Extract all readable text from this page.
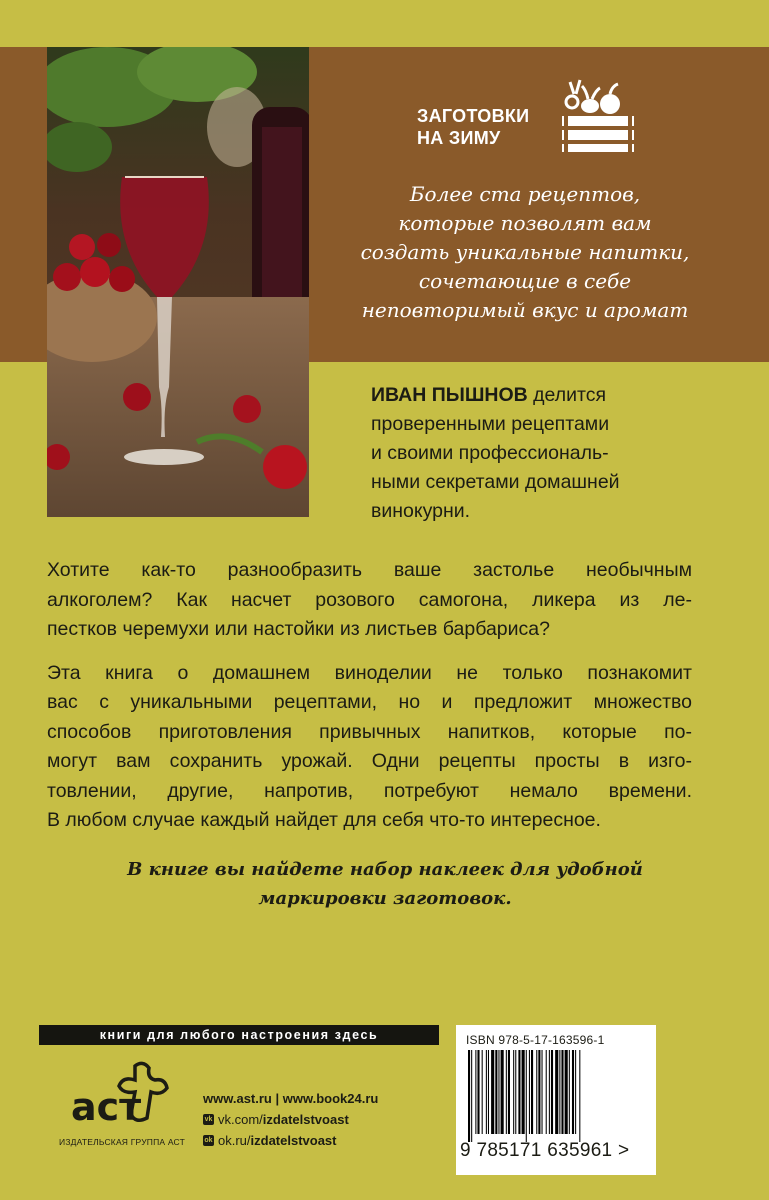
ЗАГОТОВКИ
НА ЗИМУ
Более ста рецептов,
которые позволят вам
создать уникальные напитки,
сочетающие в себе
неповторимый вкус и аромат
ИВАН ПЫШНОВ делится
проверенными рецептами
и своими профессиональ-
ными секретами домашней
винокурни.
Хотите как-то разнообразить ваше застолье необычным
алкоголем? Как насчет розового самогона, ликера из ле-
пестков черемухи или настойки из листьев барбариса?
Эта книга о домашнем виноделии не только познакомит
вас с уникальными рецептами, но и предложит множество
способов приготовления привычных напитков, которые по-
могут вам сохранить урожай. Одни рецепты просты в изго-
товлении, другие, напротив, потребуют немало времени.
В любом случае каждый найдет для себя что-то интересное.
В книге вы найдете набор наклеек для удобной
маркировки заготовок.
книги для любого настроения здесь
аст
ИЗДАТЕЛЬСКАЯ ГРУППА АСТ
www.ast.ru | www.book24.ru
vk vk.com/ izdatelstvoast
ok ok.ru/ izdatelstvoast
ISBN 978-5-17-163596-1
9 785171 635961 >
